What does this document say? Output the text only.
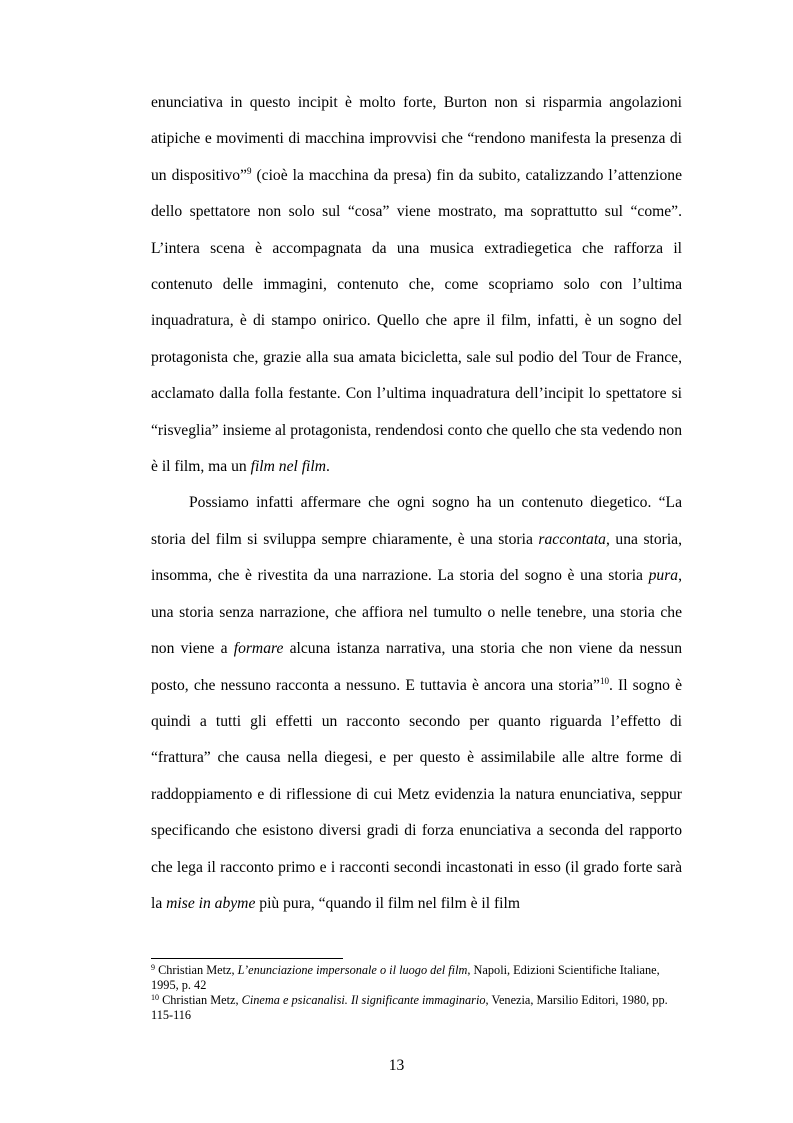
enunciativa in questo incipit è molto forte, Burton non si risparmia angolazioni atipiche e movimenti di macchina improvvisi che “rendono manifesta la presenza di un dispositivo”$^9$ (cioè la macchina da presa) fin da subito, catalizzando l’attenzione dello spettatore non solo sul “cosa” viene mostrato, ma soprattutto sul “come”. L’intera scena è accompagnata da una musica extradiegetica che rafforza il contenuto delle immagini, contenuto che, come scopriamo solo con l’ultima inquadratura, è di stampo onirico. Quello che apre il film, infatti, è un sogno del protagonista che, grazie alla sua amata bicicletta, sale sul podio del Tour de France, acclamato dalla folla festante. Con l’ultima inquadratura dell’incipit lo spettatore si “risveglia” insieme al protagonista, rendendosi conto che quello che sta vedendo non è il film, ma un film nel film.

Possiamo infatti affermare che ogni sogno ha un contenuto diegetico. “La storia del film si sviluppa sempre chiaramente, è una storia raccontata, una storia, insomma, che è rivestita da una narrazione. La storia del sogno è una storia pura, una storia senza narrazione, che affiora nel tumulto o nelle tenebre, una storia che non viene a formare alcuna istanza narrativa, una storia che non viene da nessun posto, che nessuno racconta a nessuno. E tuttavia è ancora una storia”$^{10}$. Il sogno è quindi a tutti gli effetti un racconto secondo per quanto riguarda l’effetto di “frattura” che causa nella diegesi, e per questo è assimilabile alle altre forme di raddoppiamento e di riflessione di cui Metz evidenzia la natura enunciativa, seppur specificando che esistono diversi gradi di forza enunciativa a seconda del rapporto che lega il racconto primo e i racconti secondi incastonati in esso (il grado forte sarà la mise in abyme più pura, “quando il film nel film è il film

$^9$ Christian Metz, L’enunciazione impersonale o il luogo del film, Napoli, Edizioni Scientifiche Italiane, 1995, p. 42

$^{10}$ Christian Metz, Cinema e psicanalisi. Il significante immaginario, Venezia, Marsilio Editori, 1980, pp. 115-116

13
